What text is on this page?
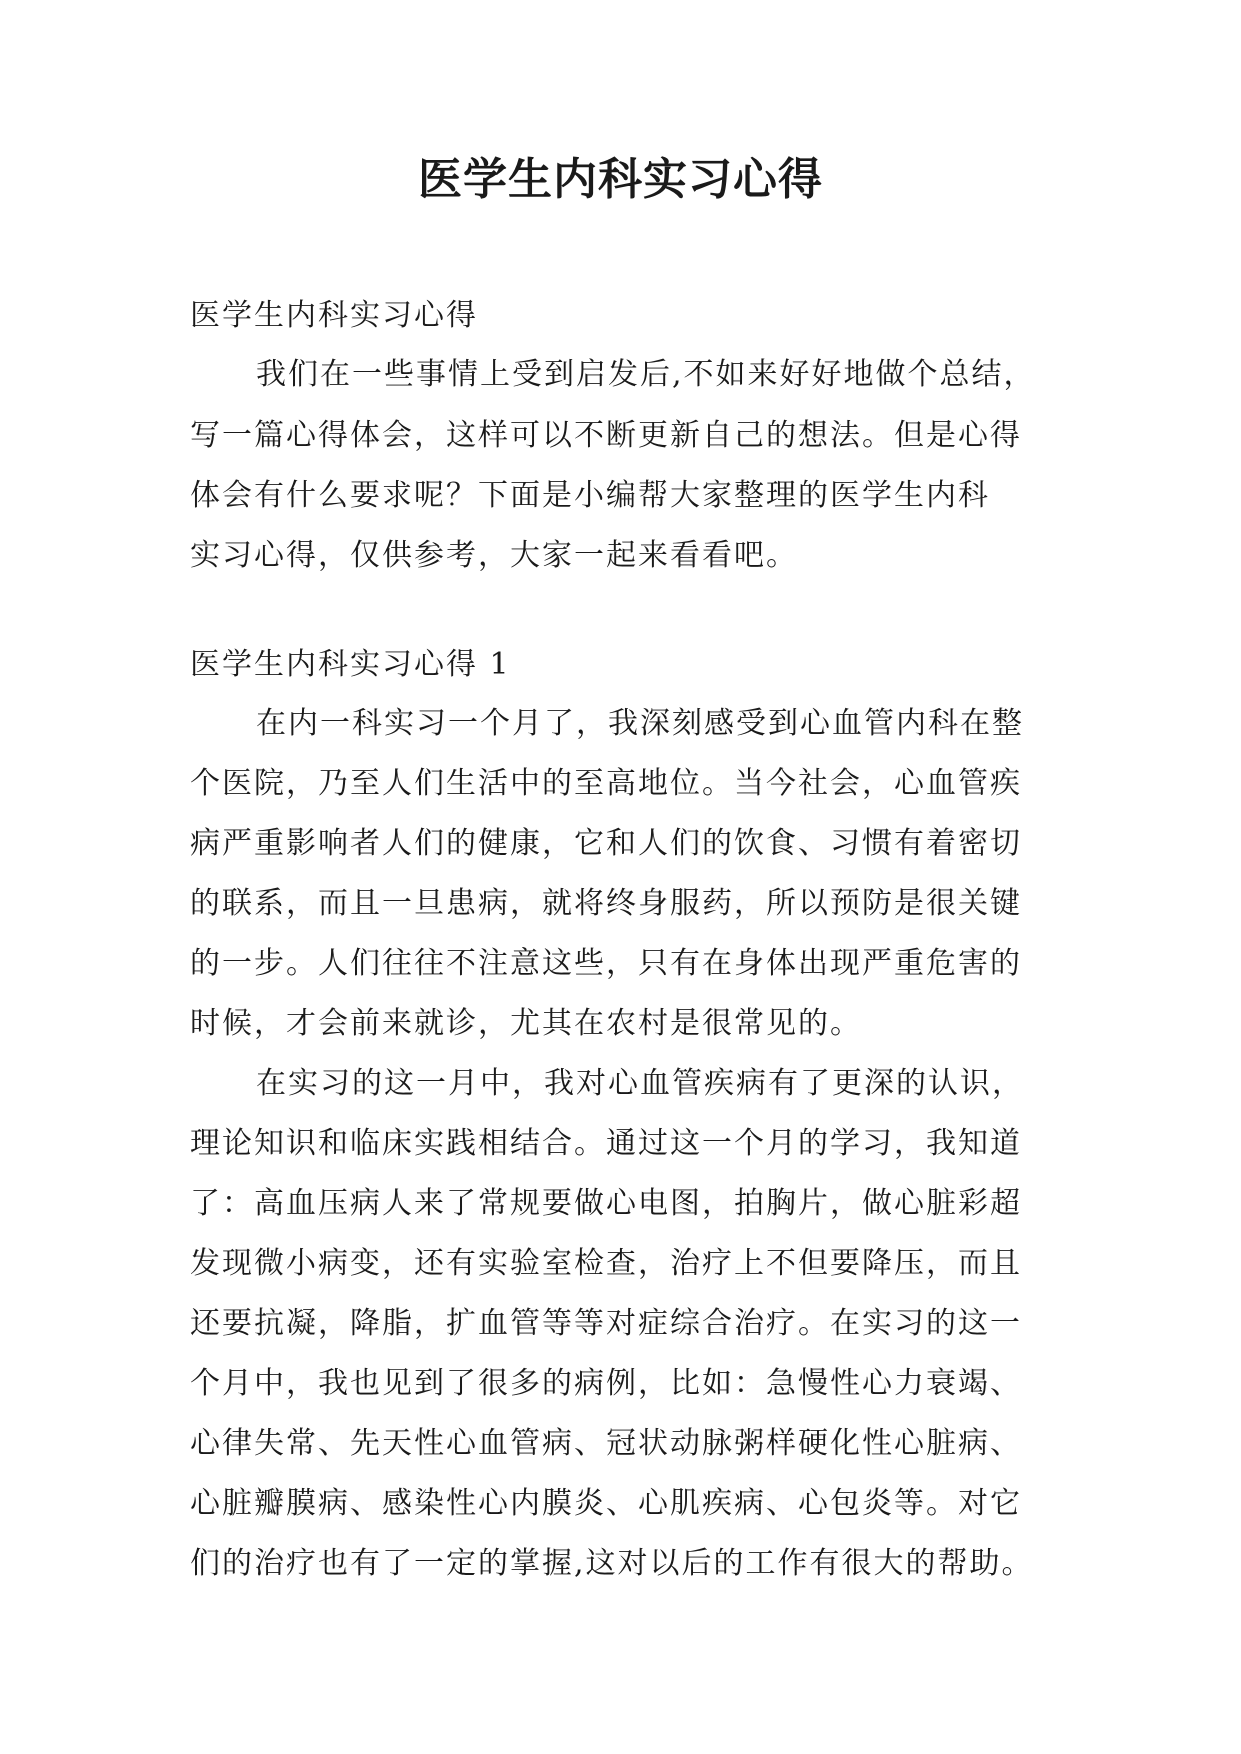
医学生内科实习心得

医学生内科实习心得

我们在一些事情上受到启发后,不如来好好地做个总结，

写一篇心得体会，这样可以不断更新自己的想法。但是心得

体会有什么要求呢？下面是小编帮大家整理的医学生内科

实习心得，仅供参考，大家一起来看看吧。

医学生内科实习心得 1

在内一科实习一个月了，我深刻感受到心血管内科在整

个医院，乃至人们生活中的至高地位。当今社会，心血管疾

病严重影响者人们的健康，它和人们的饮食、习惯有着密切

的联系，而且一旦患病，就将终身服药，所以预防是很关键

的一步。人们往往不注意这些，只有在身体出现严重危害的

时候，才会前来就诊，尤其在农村是很常见的。

在实习的这一月中，我对心血管疾病有了更深的认识，

理论知识和临床实践相结合。通过这一个月的学习，我知道

了：高血压病人来了常规要做心电图，拍胸片，做心脏彩超

发现微小病变，还有实验室检查，治疗上不但要降压，而且

还要抗凝，降脂，扩血管等等对症综合治疗。在实习的这一

个月中，我也见到了很多的病例，比如：急慢性心力衰竭、

心律失常、先天性心血管病、冠状动脉粥样硬化性心脏病、

心脏瓣膜病、感染性心内膜炎、心肌疾病、心包炎等。对它

们的治疗也有了一定的掌握,这对以后的工作有很大的帮助。
